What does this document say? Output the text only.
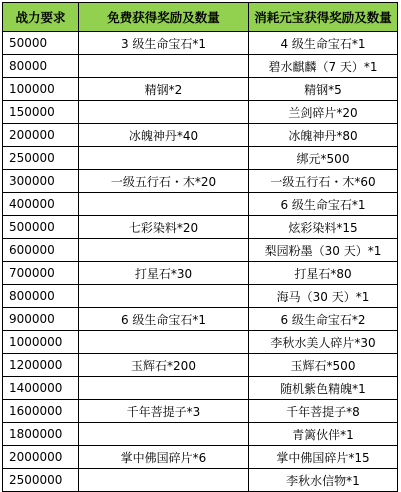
战力要求	免费获得奖励及数量	消耗元宝获得奖励及数量
50000	3 级生命宝石*1	4 级生命宝石*1
80000		碧水麒麟（7 天）*1
100000	精钢*2	精钢*5
150000		兰剑碎片*20
200000	冰魄神丹*40	冰魄神丹*80
250000		绑元*500
300000	一级五行石・木*20	一级五行石・木*60
400000		6 级生命宝石*1
500000	七彩染料*20	炫彩染料*15
600000		梨园粉墨（30 天）*1
700000	打星石*30	打星石*80
800000		海马（30 天）*1
900000	6 级生命宝石*1	6 级生命宝石*2
1000000		李秋水美人碎片*30
1200000	玉辉石*200	玉辉石*500
1400000		随机紫色精魄*1
1600000	千年菩提子*3	千年菩提子*8
1800000		青篱伙伴*1
2000000	掌中佛国碎片*6	掌中佛国碎片*15
2500000		李秋水信物*1
